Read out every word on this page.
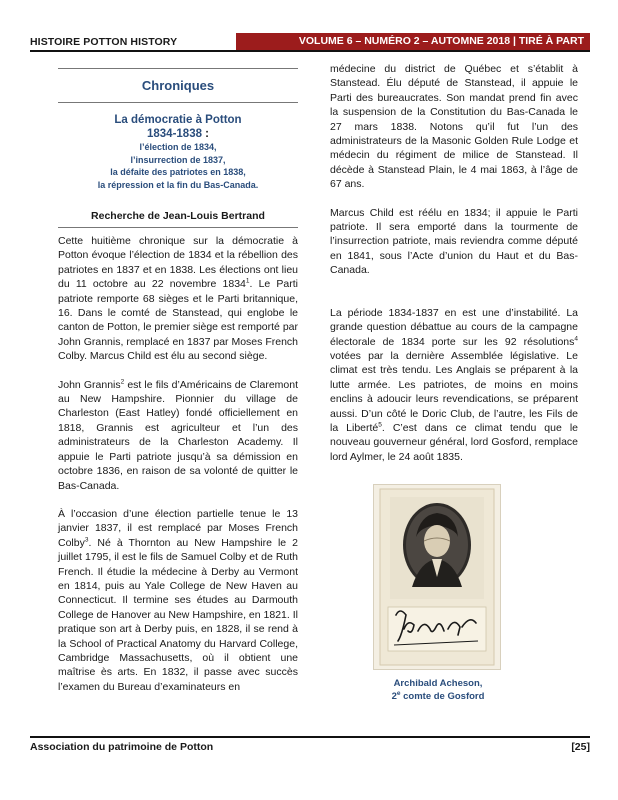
HISTOIRE POTTON HISTORY	VOLUME 6 – NUMÉRO 2 – AUTOMNE 2018 | TIRÉ À PART
Chroniques
La démocratie à Potton
1834-1838 :
l’élection de 1834,
l’insurrection de 1837,
la défaite des patriotes en 1838,
la répression et la fin du Bas-Canada.
Recherche de Jean-Louis Bertrand

Cette huitième chronique sur la démocratie à Potton évoque l’élection de 1834 et la rébellion des patriotes en 1837 et en 1838. Les élections ont lieu du 11 octobre au 22 novembre 1834$^1$. Le Parti patriote remporte 68 sièges et le Parti britannique, 16. Dans le comté de Stanstead, qui englobe le canton de Potton, le premier siège est remporté par John Grannis, remplacé en 1837 par Moses French Colby. Marcus Child est élu au second siège.

John Grannis$^2$ est le fils d’Américains de Claremont au New Hampshire. Pionnier du village de Charleston (East Hatley) fondé officiellement en 1818, Grannis est agriculteur et l’un des administrateurs de la Charleston Academy. Il appuie le Parti patriote jusqu’à sa démission en octobre 1836, en raison de sa volonté de quitter le Bas-Canada.

À l’occasion d’une élection partielle tenue le 13 janvier 1837, il est remplacé par Moses French Colby$^3$. Né à Thornton au New Hampshire le 2 juillet 1795, il est le fils de Samuel Colby et de Ruth French. Il étudie la médecine à Derby au Vermont en 1814, puis au Yale College de New Haven au Connecticut. Il termine ses études au Darmouth College de Hanover au New Hampshire, en 1821. Il pratique son art à Derby puis, en 1828, il se rend à la School of Practical Anatomy du Harvard College, Cambridge Massachusetts, où il obtient une maîtrise ès arts. En 1832, il passe avec succès l’examen du Bureau d’examinateurs en

médecine du district de Québec et s’établit à Stanstead. Élu député de Stanstead, il appuie le Parti des bureaucrates. Son mandat prend fin avec la suspension de la Constitution du Bas-Canada le 27 mars 1838. Notons qu’il fut l’un des administrateurs de la Masonic Golden Rule Lodge et médecin du régiment de milice de Stanstead. Il décède à Stanstead Plain, le 4 mai 1863, à l’âge de 67 ans.

Marcus Child est réélu en 1834; il appuie le Parti patriote. Il sera emporté dans la tourmente de l’insurrection patriote, mais reviendra comme député en 1841, sous l’Acte d’union du Haut et du Bas-Canada.

La période 1834-1837 en est une d’instabilité. La grande question débattue au cours de la campagne électorale de 1834 porte sur les 92 résolutions$^4$ votées par la dernière Assemblée législative. Le climat est très tendu. Les Anglais se préparent à la lutte armée. Les patriotes, de moins en moins enclins à adoucir leurs revendications, se préparent aussi. D’un côté le Doric Club, de l’autre, les Fils de la Liberté$^5$. C’est dans ce climat tendu que le nouveau gouverneur général, lord Gosford, remplace lord Aylmer, le 24 août 1835.

Archibald Acheson,
2e comte de Gosford
Association du patrimoine de Potton	[25]
